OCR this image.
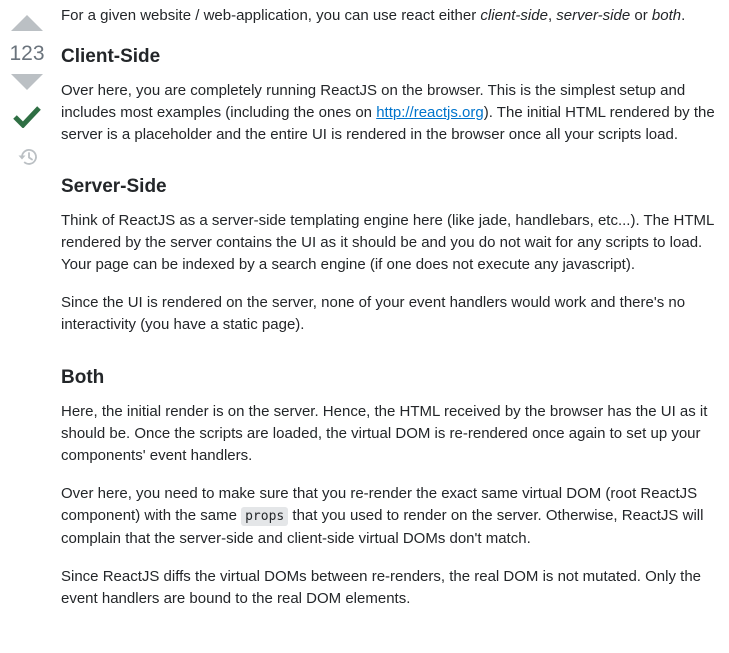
123

For a given website / web-application, you can use react either client-side, server-side or both.

Client-Side

Over here, you are completely running ReactJS on the browser. This is the simplest setup and includes most examples (including the ones on http://reactjs.org). The initial HTML rendered by the server is a placeholder and the entire UI is rendered in the browser once all your scripts load.

Server-Side

Think of ReactJS as a server-side templating engine here (like jade, handlebars, etc...). The HTML rendered by the server contains the UI as it should be and you do not wait for any scripts to load. Your page can be indexed by a search engine (if one does not execute any javascript).

Since the UI is rendered on the server, none of your event handlers would work and there's no interactivity (you have a static page).

Both

Here, the initial render is on the server. Hence, the HTML received by the browser has the UI as it should be. Once the scripts are loaded, the virtual DOM is re-rendered once again to set up your components' event handlers.

Over here, you need to make sure that you re-render the exact same virtual DOM (root ReactJS component) with the same props that you used to render on the server. Otherwise, ReactJS will complain that the server-side and client-side virtual DOMs don't match.

Since ReactJS diffs the virtual DOMs between re-renders, the real DOM is not mutated. Only the event handlers are bound to the real DOM elements.
